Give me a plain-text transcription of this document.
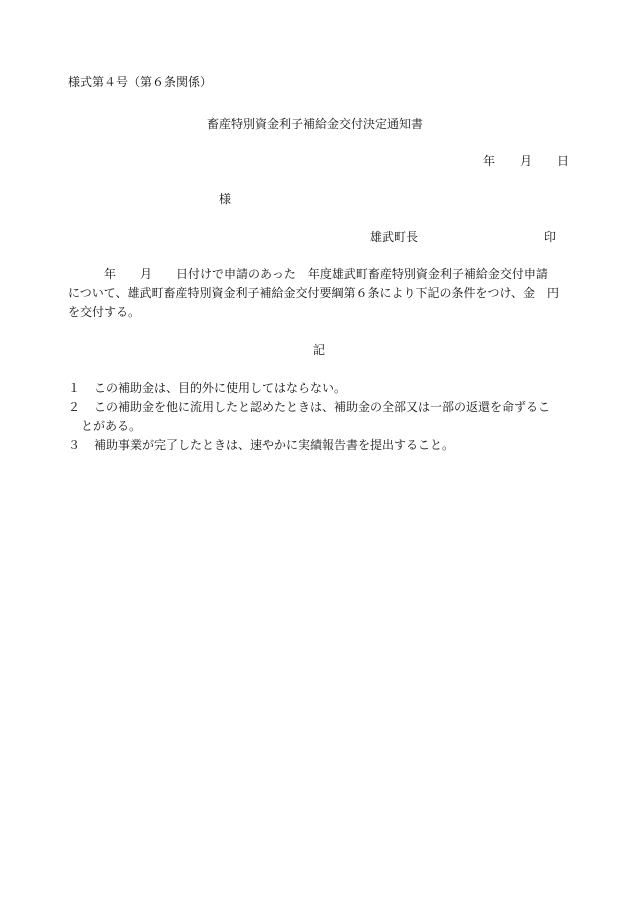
様式第４号（第６条関係）
畜産特別資金利子補給金交付決定通知書
年 月 日
様
雄武町長	印
　　　年　　月　　日付けで申請のあった　年度雄武町畜産特別資金利子補給金交付申請
について、雄武町畜産特別資金利子補給金交付要綱第６条により下記の条件をつけ、金　円
を交付する。
記
１ この補助金は、目的外に使用してはならない。
２ この補助金を他に流用したと認めたときは、補助金の全部又は一部の返還を命ずるこ
とがある。
３ 補助事業が完了したときは、速やかに実績報告書を提出すること。
